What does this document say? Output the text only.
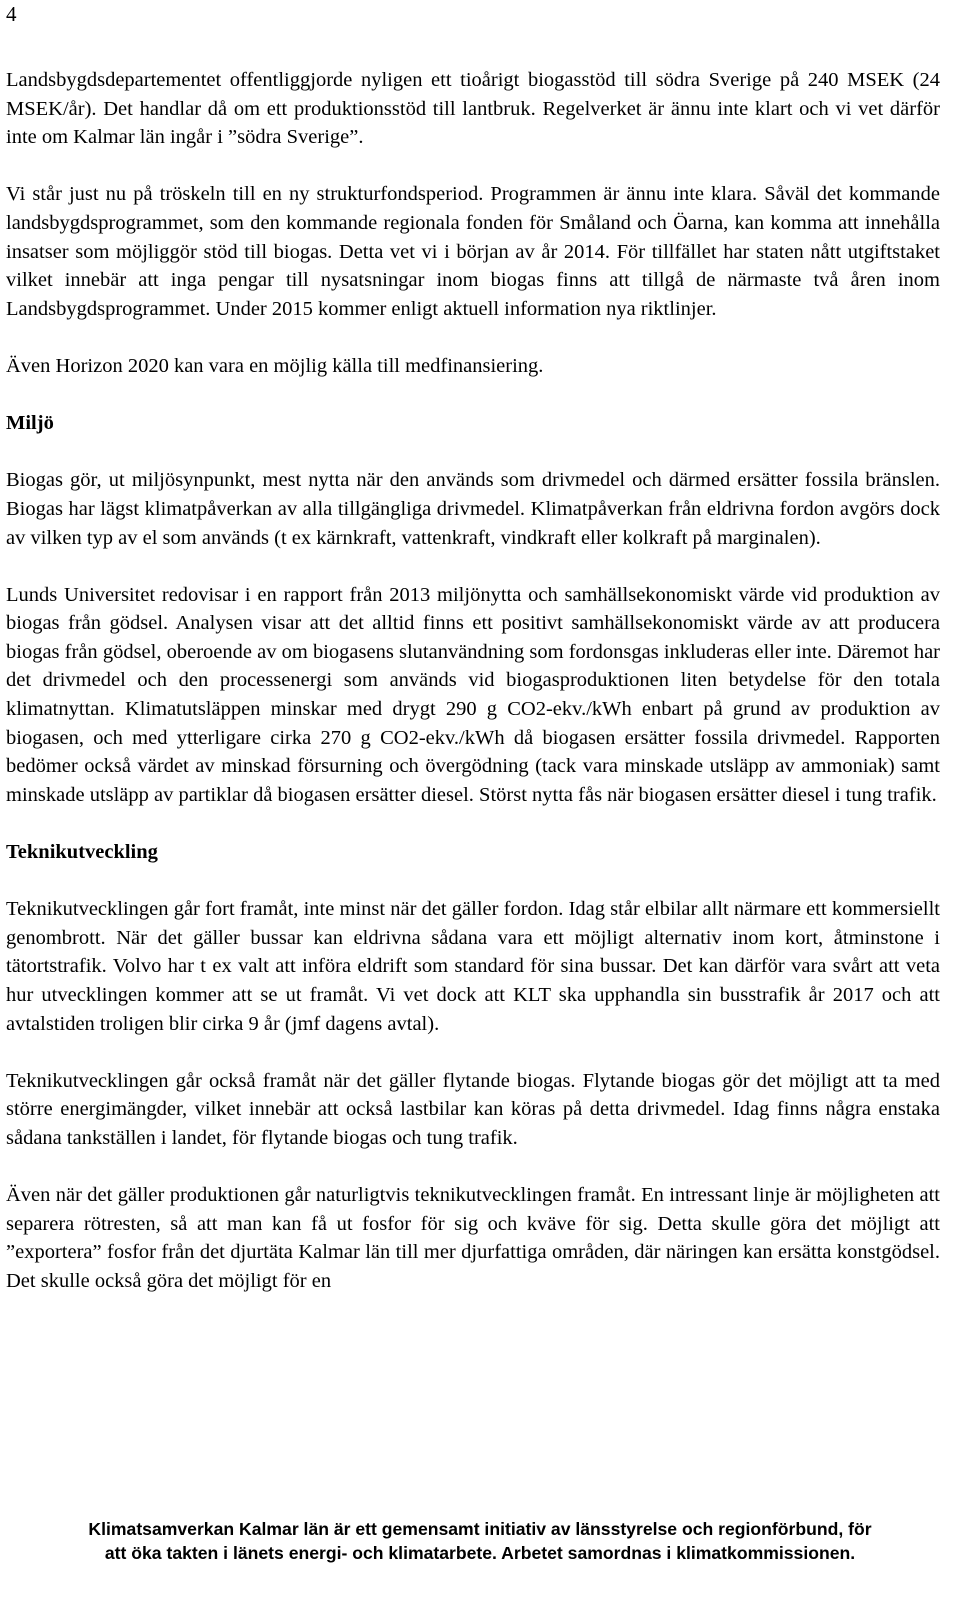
4

Landsbygdsdepartementet offentliggjorde nyligen ett tioårigt biogasstöd till södra Sverige på 240 MSEK (24 MSEK/år). Det handlar då om ett produktionsstöd till lantbruk. Regelverket är ännu inte klart och vi vet därför inte om Kalmar län ingår i ”södra Sverige”.

Vi står just nu på tröskeln till en ny strukturfondsperiod. Programmen är ännu inte klara. Såväl det kommande landsbygdsprogrammet, som den kommande regionala fonden för Småland och Öarna, kan komma att innehålla insatser som möjliggör stöd till biogas. Detta vet vi i början av år 2014. För tillfället har staten nått utgiftstaket vilket innebär att inga pengar till nysatsningar inom biogas finns att tillgå de närmaste två åren inom Landsbygdsprogrammet. Under 2015 kommer enligt aktuell information nya riktlinjer.

Även Horizon 2020 kan vara en möjlig källa till medfinansiering.

Miljö

Biogas gör, ut miljösynpunkt, mest nytta när den används som drivmedel och därmed ersätter fossila bränslen. Biogas har lägst klimatpåverkan av alla tillgängliga drivmedel. Klimatpåverkan från eldrivna fordon avgörs dock av vilken typ av el som används (t ex kärnkraft, vattenkraft, vindkraft eller kolkraft på marginalen).

Lunds Universitet redovisar i en rapport från 2013 miljönytta och samhällsekonomiskt värde vid produktion av biogas från gödsel. Analysen visar att det alltid finns ett positivt samhällsekonomiskt värde av att producera biogas från gödsel, oberoende av om biogasens slutanvändning som fordonsgas inkluderas eller inte. Däremot har det drivmedel och den processenergi som används vid biogasproduktionen liten betydelse för den totala klimatnyttan. Klimatutsläppen minskar med drygt 290 g CO2-ekv./kWh enbart på grund av produktion av biogasen, och med ytterligare cirka 270 g CO2-ekv./kWh då biogasen ersätter fossila drivmedel. Rapporten bedömer också värdet av minskad försurning och övergödning (tack vara minskade utsläpp av ammoniak) samt minskade utsläpp av partiklar då biogasen ersätter diesel. Störst nytta fås när biogasen ersätter diesel i tung trafik.

Teknikutveckling

Teknikutvecklingen går fort framåt, inte minst när det gäller fordon. Idag står elbilar allt närmare ett kommersiellt genombrott. När det gäller bussar kan eldrivna sådana vara ett möjligt alternativ inom kort, åtminstone i tätortstrafik. Volvo har t ex valt att införa eldrift som standard för sina bussar. Det kan därför vara svårt att veta hur utvecklingen kommer att se ut framåt. Vi vet dock att KLT ska upphandla sin busstrafik år 2017 och att avtalstiden troligen blir cirka 9 år (jmf dagens avtal).

Teknikutvecklingen går också framåt när det gäller flytande biogas. Flytande biogas gör det möjligt att ta med större energimängder, vilket innebär att också lastbilar kan köras på detta drivmedel. Idag finns några enstaka sådana tankställen i landet, för flytande biogas och tung trafik.

Även när det gäller produktionen går naturligtvis teknikutvecklingen framåt. En intressant linje är möjligheten att separera rötresten, så att man kan få ut fosfor för sig och kväve för sig. Detta skulle göra det möjligt att ”exportera” fosfor från det djurtäta Kalmar län till mer djurfattiga områden, där näringen kan ersätta konstgödsel. Det skulle också göra det möjligt för en

Klimatsamverkan Kalmar län är ett gemensamt initiativ av länsstyrelse och regionförbund, för
att öka takten i länets energi- och klimatarbete. Arbetet samordnas i klimatkommissionen.
